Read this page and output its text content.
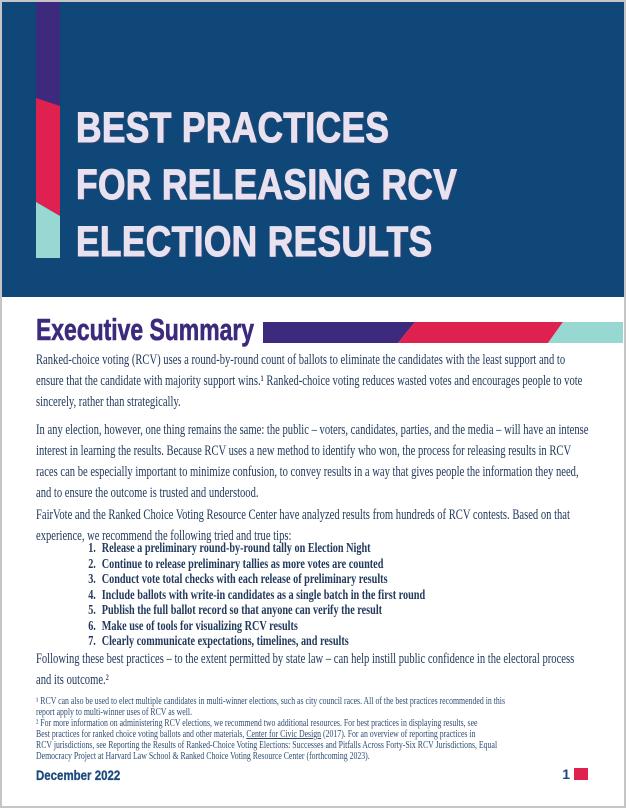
BEST PRACTICES
FOR RELEASING RCV
ELECTION RESULTS
Executive Summary

Ranked-choice voting (RCV) uses a round-by-round count of ballots to eliminate the candidates with the least support and to ensure that the candidate with majority support wins.¹ Ranked-choice voting reduces wasted votes and encourages people to vote sincerely, rather than strategically.

In any election, however, one thing remains the same: the public – voters, candidates, parties, and the media – will have an intense interest in learning the results. Because RCV uses a new method to identify who won, the process for releasing results in RCV races can be especially important to minimize confusion, to convey results in a way that gives people the information they need, and to ensure the outcome is trusted and understood.

FairVote and the Ranked Choice Voting Resource Center have analyzed results from hundreds of RCV contests. Based on that experience, we recommend the following tried and true tips:

1. Release a preliminary round-by-round tally on Election Night
2. Continue to release preliminary tallies as more votes are counted
3. Conduct vote total checks with each release of preliminary results
4. Include ballots with write-in candidates as a single batch in the first round
5. Publish the full ballot record so that anyone can verify the result
6. Make use of tools for visualizing RCV results
7. Clearly communicate expectations, timelines, and results

Following these best practices – to the extent permitted by state law – can help instill public confidence in the electoral process and its outcome.²

¹ RCV can also be used to elect multiple candidates in multi-winner elections, such as city council races. All of the best practices recommended in this
report apply to multi-winner uses of RCV as well.
² For more information on administering RCV elections, we recommend two additional resources. For best practices in displaying results, see
Best practices for ranked choice voting ballots and other materials, Center for Civic Design (2017). For an overview of reporting practices in
RCV jurisdictions, see Reporting the Results of Ranked-Choice Voting Elections: Successes and Pitfalls Across Forty-Six RCV Jurisdictions, Equal
Democracy Project at Harvard Law School & Ranked Choice Voting Resource Center (forthcoming 2023).
December 2022	1
